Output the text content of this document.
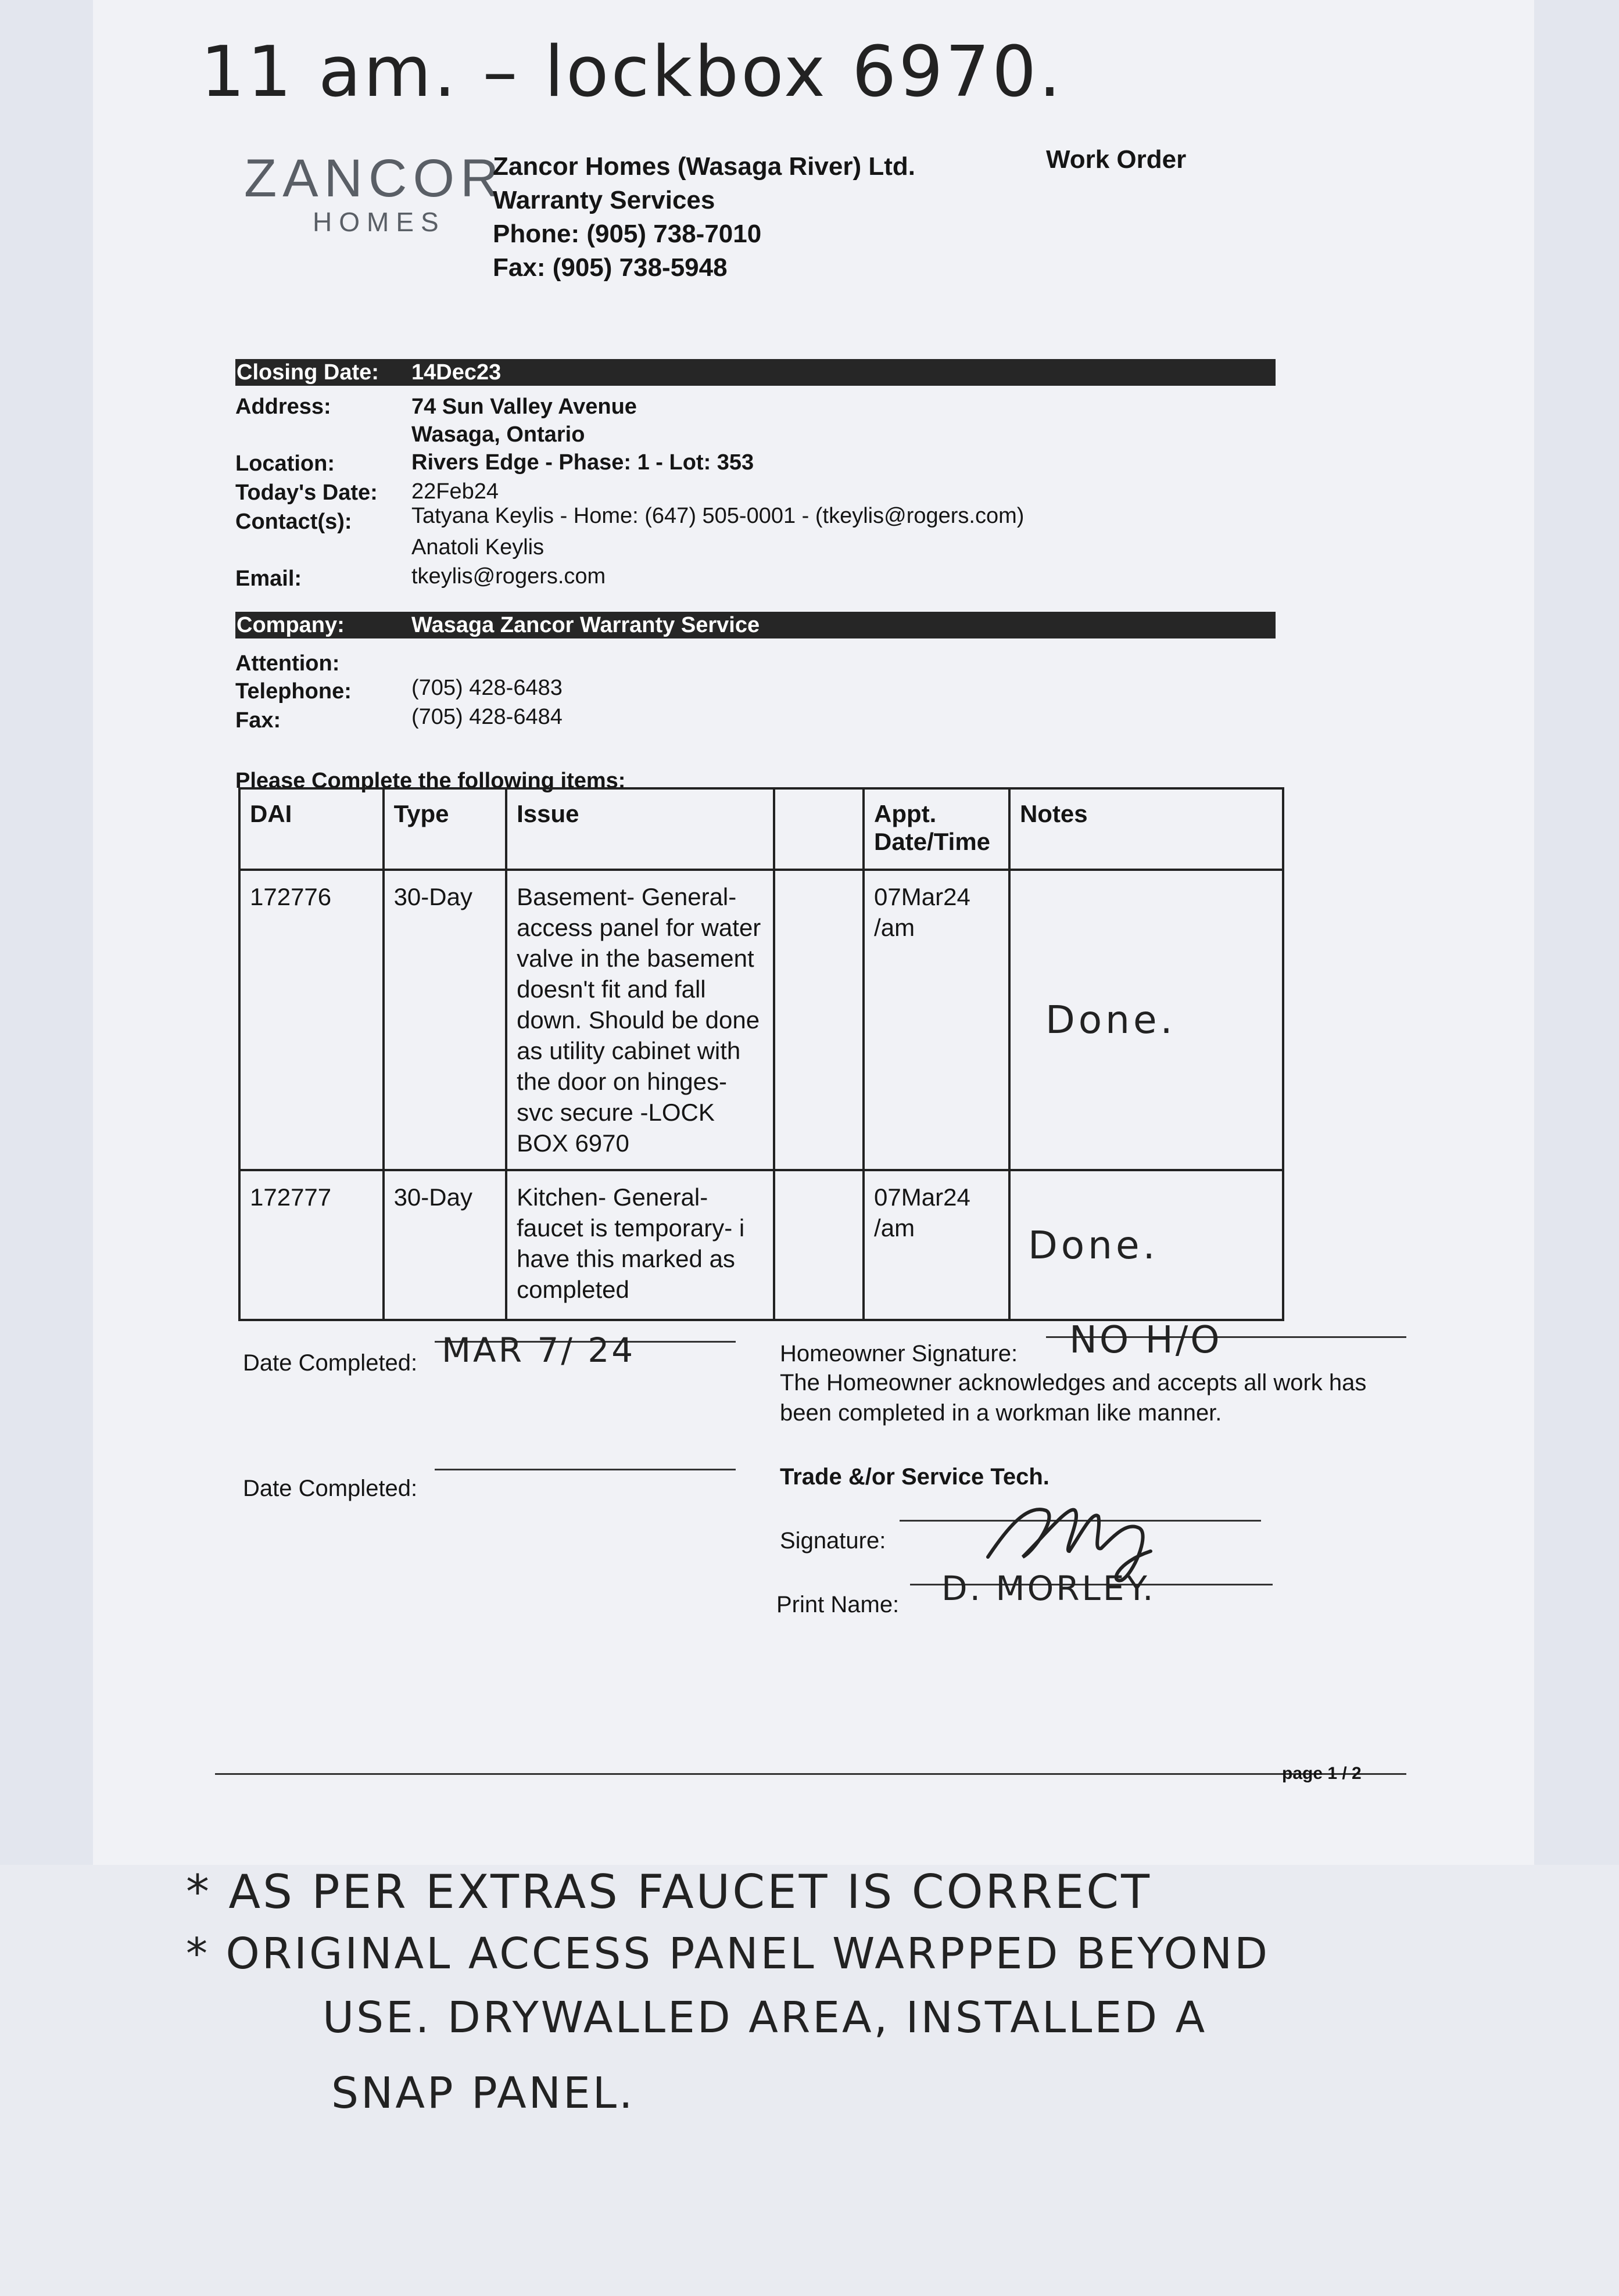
11 am. – lockbox 6970.
ZANCOR
HOMES
Zancor Homes (Wasaga River) Ltd.
Warranty Services
Phone: (905) 738-7010
Fax: (905) 738-5948
Work Order
Closing Date: 14Dec23
Address:	74 Sun Valley Avenue
Wasaga, Ontario
Location:	Rivers Edge - Phase: 1 - Lot: 353
Today's Date: 22Feb24
Contact(s):	Tatyana Keylis - Home: (647) 505-0001 - (tkeylis@rogers.com)
Anatoli Keylis
Email:	tkeylis@rogers.com
Company:	Wasaga Zancor Warranty Service
Attention:
Telephone:	(705) 428-6483
Fax:	(705) 428-6484
Please Complete the following items:
DAI	Type	Issue		Appt. Date/Time	Notes
172776	30-Day	Basement- General- access panel for water valve in the basement doesn't fit and fall down. Should be done as utility cabinet with the door on hinges-svc secure -LOCK BOX 6970		07Mar24 /am	Done.
172777	30-Day	Kitchen- General- faucet is temporary- i have this marked as completed		07Mar24 /am	Done.
Date Completed: MAR 7/ 24	Homeowner Signature: NO H/O
The Homeowner acknowledges and accepts all work has been completed in a workman like manner.
Date Completed:	Trade &/or Service Tech.
Signature:
Print Name: D. MORLEY.
page 1 / 2
* AS PER EXTRAS FAUCET IS CORRECT
* ORIGINAL ACCESS PANEL WARPPED BEYOND
USE. DRYWALLED AREA, INSTALLED A
SNAP PANEL.
